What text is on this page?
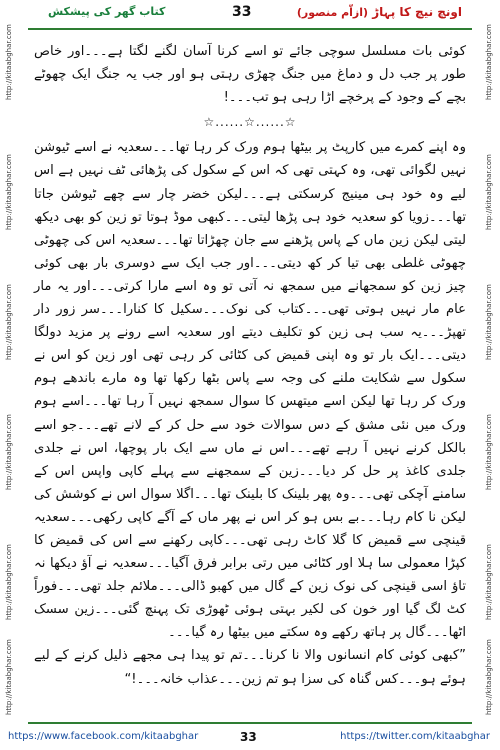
کتاب گھر کی پیشکش	33	اونچ نیچ کا پہاڑ (ازاّم منصور)
http://kitaabghar.com
http://kitaabghar.com
http://kitaabghar.com
http://kitaabghar.com
http://kitaabghar.com
http://kitaabghar.com
http://kitaabghar.com
http://kitaabghar.com
http://kitaabghar.com
http://kitaabghar.com
http://kitaabghar.com
http://kitaabghar.com

کوئی بات مسلسل سوچی جائے تو اسے کرنا آسان لگنے لگتا ہے۔۔۔اور خاص طور پر جب دل و دماغ میں جنگ چھڑی رہتی ہو اور جب یہ جنگ ایک چھوٹے بچے کے وجود کے پرخچے اڑا رہی ہو تب۔۔۔!

☆......☆......☆

وہ اپنے کمرے میں کارپٹ پر بیٹھا ہوم ورک کر رہا تھا۔۔۔سعدیہ نے اسے ٹیوشن نہیں لگوائی تھی، وہ کہتی تھی کہ اس کے سکول کی پڑھائی ٹف نہیں ہے اس لیے وہ خود ہی مینیج کرسکتی ہے۔۔۔لیکن خضر چار سے چھے ٹیوشن جاتا تھا۔۔۔زویا کو سعدیہ خود ہی پڑھا لیتی۔۔۔کبھی موڈ ہوتا تو زین کو بھی دیکھ لیتی لیکن زین ماں کے پاس پڑھنے سے جان چھڑاتا تھا۔۔۔سعدیہ اس کی چھوٹی چھوٹی غلطی بھی تیا کر کھ دیتی۔۔۔اور جب ایک سے دوسری بار بھی کوئی چیز زین کو سمجھانے میں سمجھ نہ آتی تو وہ اسے مارا کرتی۔۔۔اور یہ مار عام مار نہیں ہوتی تھی۔۔۔کتاب کی نوک۔۔۔سکیل کا کنارا۔۔۔سر زور دار تھپڑ۔۔۔یہ سب ہی زین کو تکلیف دیتے اور سعدیہ اسے رونے پر مزید دولگا دیتی۔۔۔ایک بار تو وہ اپنی قمیض کی کٹائی کر رہی تھی اور زین کو اس نے سکول سے شکایت ملنے کی وجہ سے پاس بٹھا رکھا تھا وہ مارے باندھے ہوم ورک کر رہا تھا لیکن اسے میتھس کا سوال سمجھ نہیں آ رہا تھا۔۔۔اسے ہوم ورک میں نئی مشق کے دس سوالات خود سے حل کر کے لانے تھے۔۔۔جو اسے بالکل کرنے نہیں آ رہے تھے۔۔۔اس نے ماں سے ایک بار پوچھا، اس نے جلدی جلدی کاغذ پر حل کر دیا۔۔۔زین کے سمجھنے سے پہلے کاپی واپس اس کے سامنے آچکی تھی۔۔۔وہ پھر بلینک کا بلینک تھا۔۔۔اگلا سوال اس نے کوشش کی لیکن نا کام رہا۔۔۔بے بس ہو کر اس نے پھر ماں کے آگے کاپی رکھی۔۔۔سعدیہ قینچی سے قمیض کا گلا کاٹ رہی تھی۔۔۔کاپی رکھنے سے اس کی قمیض کا کپڑا معمولی سا ہلا اور کٹائی میں رتی برابر فرق آگیا۔۔۔سعدیہ نے آؤ دیکھا نہ تاؤ اسی قینچی کی نوک زین کے گال میں کھبو ڈالی۔۔۔ملائم جلد تھی۔۔۔فوراً کٹ لگ گیا اور خون کی لکیر بہتی ہوئی ٹھوڑی تک پہنچ گئی۔۔۔زین سسک اٹھا۔۔۔گال پر ہاتھ رکھے وہ سکتے میں بیٹھا رہ گیا۔۔۔

”کبھی کوئی کام انسانوں والا نا کرنا۔۔۔تم تو پیدا ہی مجھے ذلیل کرنے کے لیے ہوئے ہو۔۔۔کس گناہ کی سزا ہو تم زین۔۔۔عذاب خانہ۔۔۔!“

https://www.facebook.com/kitaabghar	33	https://twitter.com/kitaabghar
